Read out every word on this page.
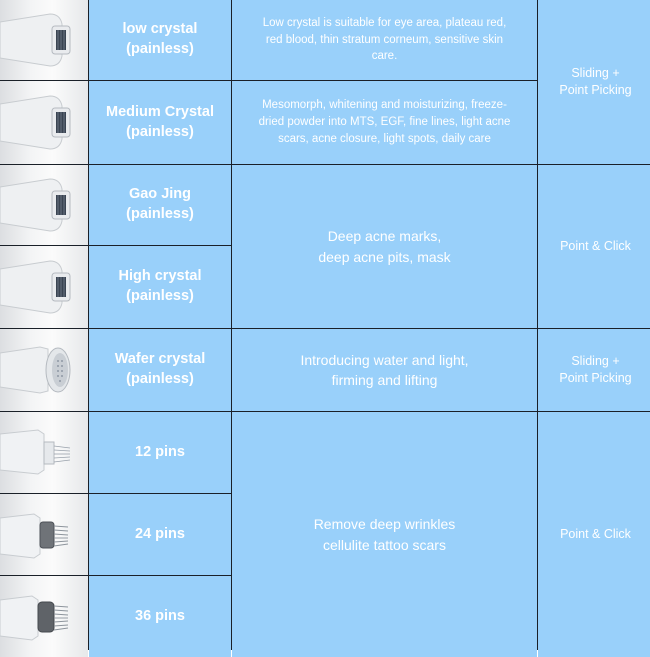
low crystal
(painless)
Low crystal is suitable for eye area, plateau red, red blood, thin stratum corneum, sensitive skin care.
Sliding +
Point Picking
Medium Crystal
(painless)
Mesomorph, whitening and moisturizing, freeze-dried powder into MTS, EGF, fine lines, light acne scars, acne closure, light spots, daily care
Gao Jing
(painless)
Deep acne marks,
deep acne pits, mask
Point & Click
High crystal
(painless)
Wafer crystal
(painless)
Introducing water and light,
firming and lifting
Sliding +
Point Picking
12 pins
Remove deep wrinkles
cellulite tattoo scars
Point & Click
24 pins
36 pins
